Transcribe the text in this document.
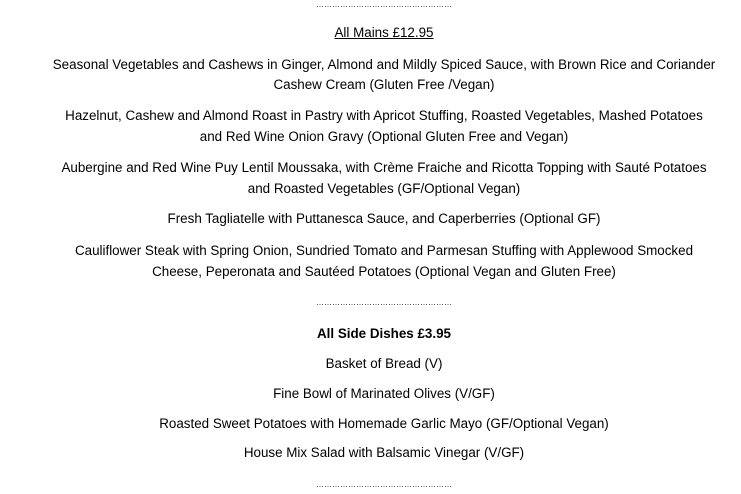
……………………………………………
All Mains £12.95
Seasonal Vegetables and Cashews in Ginger, Almond and Mildly Spiced Sauce, with Brown Rice and Coriander
Cashew Cream (Gluten Free /Vegan)
Hazelnut, Cashew and Almond Roast in Pastry with Apricot Stuffing, Roasted Vegetables, Mashed Potatoes
and Red Wine Onion Gravy (Optional Gluten Free and Vegan)
Aubergine and Red Wine Puy Lentil Moussaka, with Crème Fraiche and Ricotta Topping with Sauté Potatoes
and Roasted Vegetables (GF/Optional Vegan)
Fresh Tagliatelle with Puttanesca Sauce, and Caperberries (Optional GF)
Cauliflower Steak with Spring Onion, Sundried Tomato and Parmesan Stuffing with Applewood Smocked
Cheese, Peperonata and Sautéed Potatoes (Optional Vegan and Gluten Free)
……………………………………………
All Side Dishes £3.95
Basket of Bread (V)
Fine Bowl of Marinated Olives (V/GF)
Roasted Sweet Potatoes with Homemade Garlic Mayo (GF/Optional Vegan)
House Mix Salad with Balsamic Vinegar (V/GF)
……………………………………………
